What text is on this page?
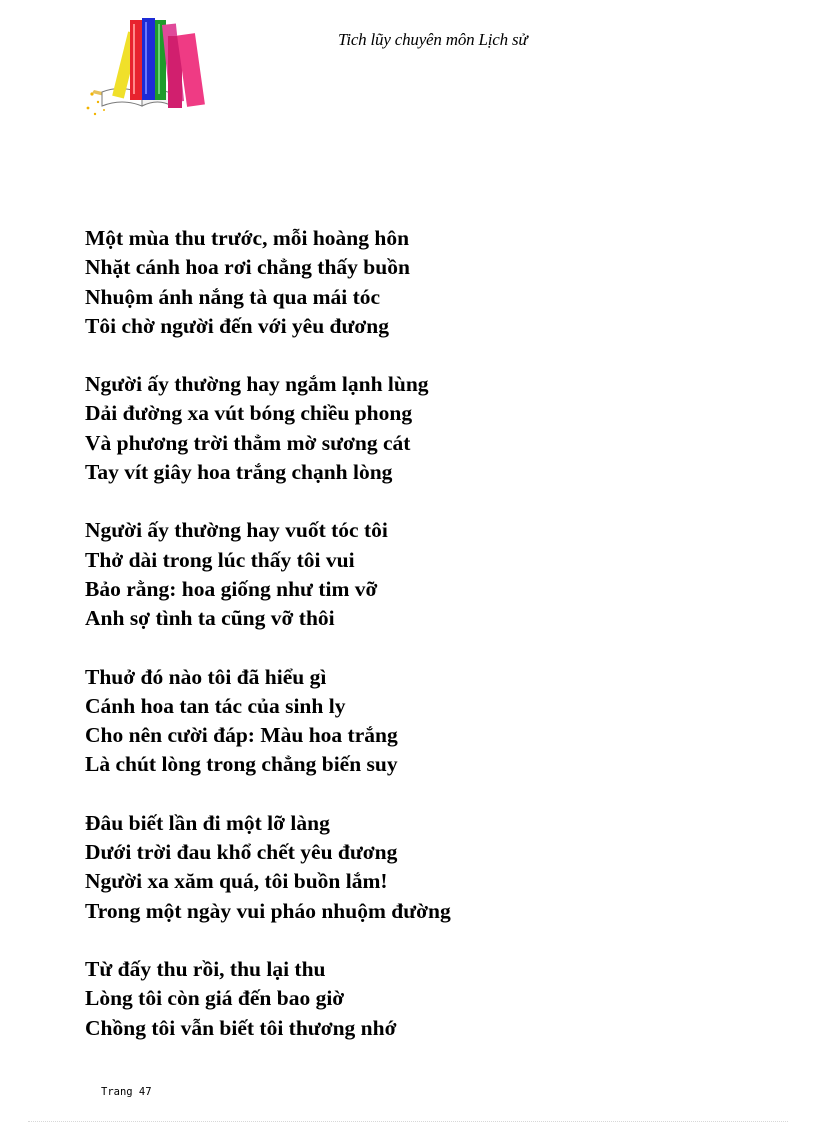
Tich lũy chuyên môn Lịch sử
Một mùa thu trước, mỗi hoàng hôn
Nhặt cánh hoa rơi chẳng thấy buồn
Nhuộm ánh nắng tà qua mái tóc
Tôi chờ người đến với yêu đương
Người ấy thường hay ngắm lạnh lùng
Dải đường xa vút bóng chiều phong
Và phương trời thẳm mờ sương cát
Tay vít giây hoa trắng chạnh lòng
Người ấy thường hay vuốt tóc tôi
Thở dài trong lúc thấy tôi vui
Bảo rằng: hoa giống như tim vỡ
Anh sợ tình ta cũng vỡ thôi
Thuở đó nào tôi đã hiểu gì
Cánh hoa tan tác của sinh ly
Cho nên cười đáp: Màu hoa trắng
Là chút lòng trong chẳng biến suy
Đâu biết lần đi một lỡ làng
Dưới trời đau khổ chết yêu đương
Người xa xăm quá, tôi buồn lắm!
Trong một ngày vui pháo nhuộm đường
Từ đấy thu rồi, thu lại thu
Lòng tôi còn giá đến bao giờ
Chồng tôi vẫn biết tôi thương nhớ
Trang 47
